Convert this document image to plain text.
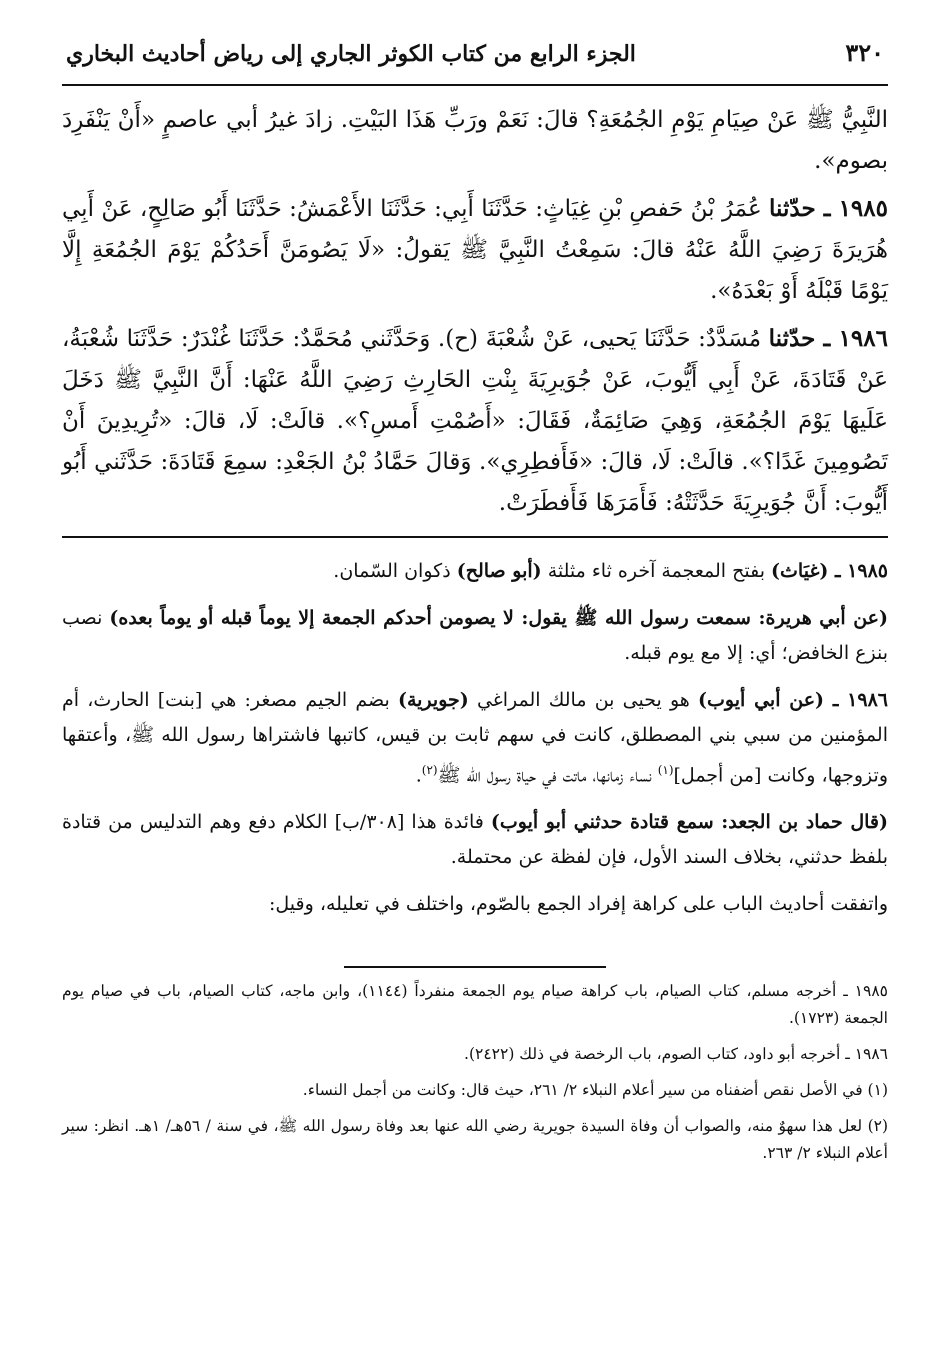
٣٢٠
الجزء الرابع من كتاب الكوثر الجاري إلى رياض أحاديث البخاري

النَّبِيُّ ﷺ عَنْ صِيَامِ يَوْمِ الجُمُعَةِ؟ قالَ: نَعَمْ ورَبِّ هَذَا البَيْتِ. زادَ غيرُ أبي عاصمٍ «أَنْ يَنْفَرِدَ بصوم».

١٩٨٥ ـ حدّثنا عُمَرُ بْنُ حَفصِ بْنِ غِيَاثٍ: حَدَّثَنَا أَبِي: حَدَّثَنَا الأَعْمَشُ: حَدَّثَنَا أَبُو صَالِحٍ، عَنْ أَبِي هُرَيرَةَ رَضِيَ اللَّهُ عَنْهُ قالَ: سَمِعْتُ النَّبِيَّ ﷺ يَقولُ: «لَا يَصُومَنَّ أَحَدُكُمْ يَوْمَ الجُمُعَةِ إِلَّا يَوْمًا قَبْلَهُ أَوْ بَعْدَهُ».

١٩٨٦ ـ حدّثنا مُسَدَّدٌ: حَدَّثَنَا يَحيى، عَنْ شُعْبَةَ (ح). وَحَدَّثَني مُحَمَّدٌ: حَدَّثَنَا غُنْدَرٌ: حَدَّثَنَا شُعْبَةُ، عَنْ قَتَادَةَ، عَنْ أَبِي أَيُّوبَ، عَنْ جُوَيرِيَةَ بِنْتِ الحَارِثِ رَضِيَ اللَّهُ عَنْهَا: أَنَّ النَّبِيَّ ﷺ دَخَلَ عَلَيهَا يَوْمَ الجُمُعَةِ، وَهِيَ صَائِمَةٌ، فَقَالَ: «أَصُمْتِ أَمسِ؟». قالَتْ: لَا، قالَ: «تُرِيدِينَ أَنْ تَصُومِينَ غَدًا؟». قالَتْ: لَا، قالَ: «فَأَفطِرِي». وَقالَ حَمَّادُ بْنُ الجَعْدِ: سمِعَ قَتَادَةَ: حَدَّثَني أَبُو أَيُّوبَ: أَنَّ جُوَيرِيَةَ حَدَّثَتْهُ: فَأَمَرَهَا فَأَفطَرَتْ.

١٩٨٥ ـ (غيَاث) بفتح المعجمة آخره ثاء مثلثة (أبو صالح) ذكوان السّمان.

(عن أبي هريرة: سمعت رسول الله ﷺ يقول: لا يصومن أحدكم الجمعة إلا يوماً قبله أو يوماً بعده) نصب بنزع الخافض؛ أي: إلا مع يوم قبله.

١٩٨٦ ـ (عن أبي أيوب) هو يحيى بن مالك المراغي (جويرية) بضم الجيم مصغر: هي [بنت] الحارث، أم المؤمنين من سبي بني المصطلق، كانت في سهم ثابت بن قيس، كاتبها فاشتراها رسول الله ﷺ، وأعتقها وتزوجها، وكانت [من أجمل]$^{(١)}$ نساء زمانها، ماتت في حياة رسول الله ﷺ$^{(٢)}$.

(قال حماد بن الجعد: سمع قتادة حدثني أبو أيوب) فائدة هذا [٣٠٨/ب] الكلام دفع وهم التدليس من قتادة بلفظ حدثني، بخلاف السند الأول، فإن لفظة عن محتملة.

واتفقت أحاديث الباب على كراهة إفراد الجمع بالصّوم، واختلف في تعليله، وقيل:

١٩٨٥ ـ أخرجه مسلم، كتاب الصيام، باب كراهة صيام يوم الجمعة منفرداً (١١٤٤)، وابن ماجه، كتاب الصيام، باب في صيام يوم الجمعة (١٧٢٣).

١٩٨٦ ـ أخرجه أبو داود، كتاب الصوم، باب الرخصة في ذلك (٢٤٢٢).

(١) في الأصل نقص أضفناه من سير أعلام النبلاء ٢/ ٢٦١، حيث قال: وكانت من أجمل النساء.

(٢) لعل هذا سهوٌ منه، والصواب أن وفاة السيدة جويرية رضي الله عنها بعد وفاة رسول الله ﷺ، في سنة / ٥٦هـ/ ١هـ. انظر: سير أعلام النبلاء ٢/ ٢٦٣.
